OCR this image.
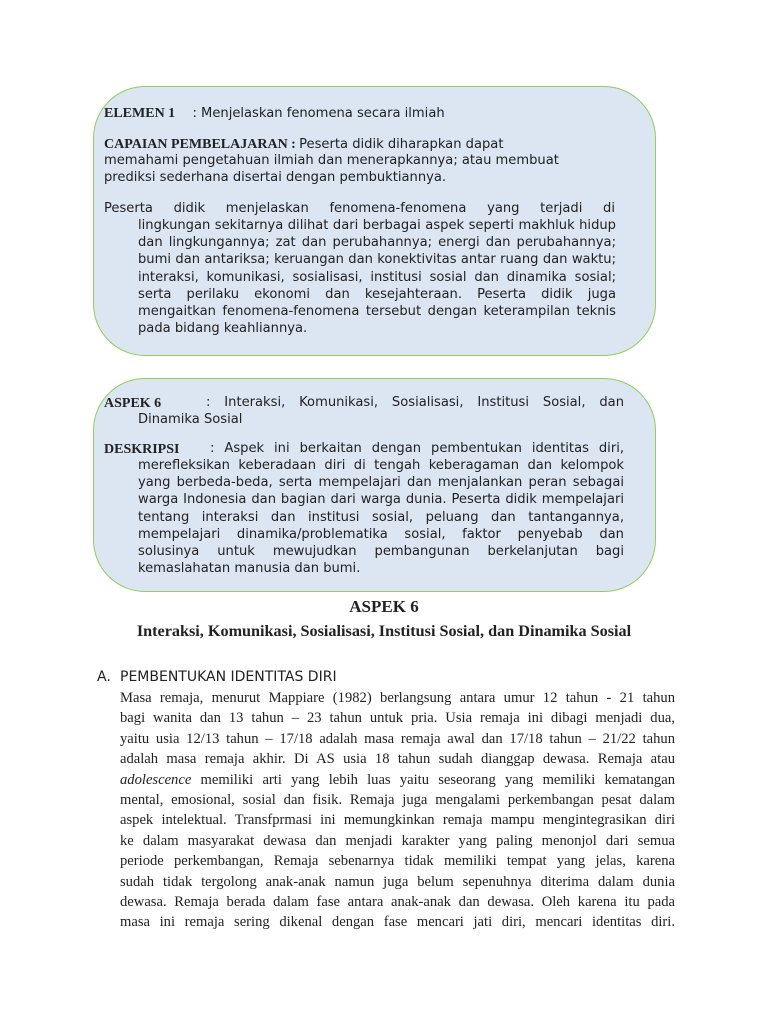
ELEMEN 1 : Menjelaskan fenomena secara ilmiah
CAPAIAN PEMBELAJARAN : Peserta didik diharapkan dapat
memahami pengetahuan ilmiah dan menerapkannya; atau membuat
prediksi sederhana disertai dengan pembuktiannya.
Peserta didik menjelaskan fenomena-fenomena yang terjadi di
lingkungan sekitarnya dilihat dari berbagai aspek seperti makhluk hidup dan lingkungannya; zat dan perubahannya; energi dan perubahannya; bumi dan antariksa; keruangan dan konektivitas antar ruang dan waktu; interaksi, komunikasi, sosialisasi, institusi sosial dan dinamika sosial; serta perilaku ekonomi dan kesejahteraan. Peserta didik juga mengaitkan fenomena-fenomena tersebut dengan keterampilan teknis pada bidang keahliannya.
ASPEK 6	: Interaksi, Komunikasi, Sosialisasi, Institusi Sosial, dan
Dinamika Sosial
DESKRIPSI : Aspek ini berkaitan dengan pembentukan identitas diri,
merefleksikan keberadaan diri di tengah keberagaman dan kelompok yang berbeda-beda, serta mempelajari dan menjalankan peran sebagai warga Indonesia dan bagian dari warga dunia. Peserta didik mempelajari tentang interaksi dan institusi sosial, peluang dan tantangannya, mempelajari dinamika/problematika sosial, faktor penyebab dan solusinya untuk mewujudkan pembangunan berkelanjutan bagi kemaslahatan manusia dan bumi.
ASPEK 6
Interaksi, Komunikasi, Sosialisasi, Institusi Sosial, dan Dinamika Sosial
A. PEMBENTUKAN IDENTITAS DIRI
Masa remaja, menurut Mappiare (1982) berlangsung antara umur 12 tahun - 21 tahun
bagi wanita dan 13 tahun – 23 tahun untuk pria. Usia remaja ini dibagi menjadi dua,
yaitu usia 12/13 tahun – 17/18 adalah masa remaja awal dan 17/18 tahun – 21/22 tahun
adalah masa remaja akhir. Di AS usia 18 tahun sudah dianggap dewasa. Remaja atau
adolescence memiliki arti yang lebih luas yaitu seseorang yang memiliki kematangan
mental, emosional, sosial dan fisik. Remaja juga mengalami perkembangan pesat dalam
aspek intelektual. Transfprmasi ini memungkinkan remaja mampu mengintegrasikan diri
ke dalam masyarakat dewasa dan menjadi karakter yang paling menonjol dari semua
periode perkembangan, Remaja sebenarnya tidak memiliki tempat yang jelas, karena
sudah tidak tergolong anak-anak namun juga belum sepenuhnya diterima dalam dunia
dewasa. Remaja berada dalam fase antara anak-anak dan dewasa. Oleh karena itu pada
masa ini remaja sering dikenal dengan fase mencari jati diri, mencari identitas diri.
